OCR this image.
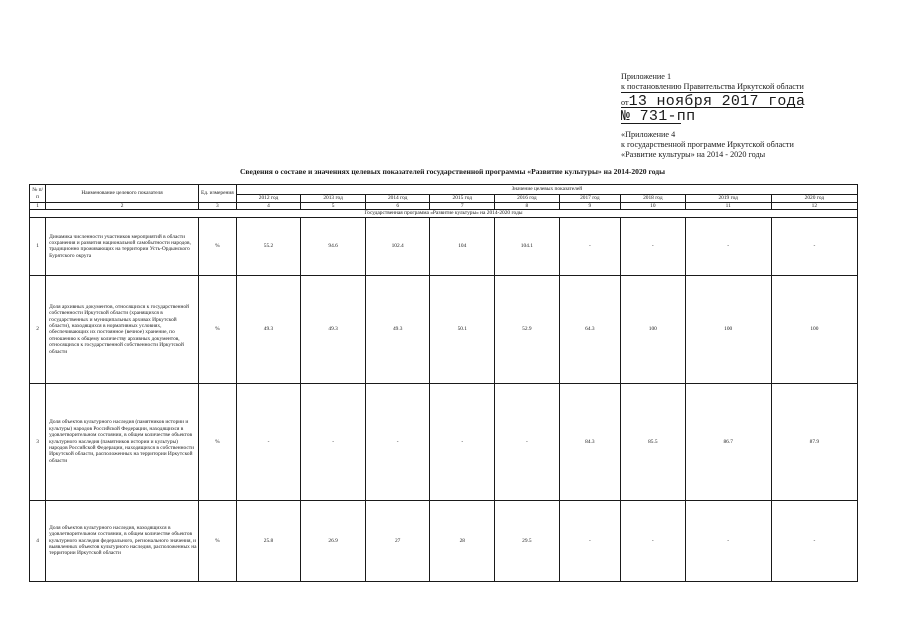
Приложение 1
к постановлению Правительства Иркутской области
от13 ноября 2017 года
№ 731-пп
«Приложение 4
к государственной программе Иркутской области
«Развитие культуры» на 2014 - 2020 годы
Сведения о составе и значениях целевых показателей государственной программы «Развитие культуры» на 2014-2020 годы
№ п/п	Наименование целевого показателя	Ед. измерения	Значение целевых показателей								
			2012 год	2013 год	2014 год	2015 год	2016 год	2017 год	2018 год	2019 год	2020 год
1	2	3	4	5	6	7	8	9	10	11	12
Государственная программа «Развитие культуры» на 2014-2020 годы											
1	Динамика численности участников мероприятий в области сохранения и развития национальной самобытности народов, традиционно проживающих на территории Усть-Ордынского Бурятского округа	%	55.2	94.6	102.4	104	104.1	-	-	-	-
2	Доля архивных документов, относящихся к государственной собственности Иркутской области (хранящихся в государственных и муниципальных архивах Иркутской области), находящихся в нормативных условиях, обеспечивающих их постоянное (вечное) хранение, по отношению к общему количеству архивных документов, относящихся к государственной собственности Иркутской области	%	49.3	49.3	49.3	50.1	52.9	64.3	100	100	100
3	Доля объектов культурного наследия (памятников истории и культуры) народов Российской Федерации, находящихся в удовлетворительном состоянии, в общем количестве объектов культурного наследия (памятников истории и культуры) народов Российской Федерации, находящихся в собственности Иркутской области, расположенных на территории Иркутской области	%	-	-	-	-	-	84.3	85.5	86.7	87.9
4	Доля объектов культурного наследия, находящихся в удовлетворительном состоянии, в общем количестве объектов культурного наследия федерального, регионального значения, и выявленных объектов культурного наследия, расположенных на территории Иркутской области	%	25.8	26.9	27	28	29.5	-	-	-	-
